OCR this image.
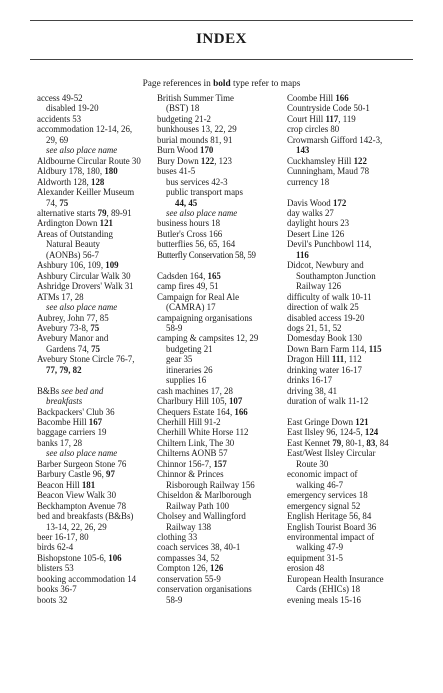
INDEX
Page references in bold type refer to maps
access 49-52
disabled 19-20
accidents 53
accommodation 12-14, 26,
29, 69
see also place name
Aldbourne Circular Route 30
Aldbury 178, 180, 180
Aldworth 128, 128
Alexander Keiller Museum
74, 75
alternative starts 79, 89-91
Ardington Down 121
Areas of Outstanding
Natural Beauty
(AONBs) 56-7
Ashbury 106, 109, 109
Ashbury Circular Walk 30
Ashridge Drovers' Walk 31
ATMs 17, 28
see also place name
Aubrey, John 77, 85
Avebury 73-8, 75
Avebury Manor and
Gardens 74, 75
Avebury Stone Circle 76-7,
77, 79, 82
B&Bs see bed and
breakfasts
Backpackers' Club 36
Bacombe Hill 167
baggage carriers 19
banks 17, 28
see also place name
Barber Surgeon Stone 76
Barbury Castle 96, 97
Beacon Hill 181
Beacon View Walk 30
Beckhampton Avenue 78
bed and breakfasts (B&Bs)
13-14, 22, 26, 29
beer 16-17, 80
birds 62-4
Bishopstone 105-6, 106
blisters 53
booking accommodation 14
books 36-7
boots 32
British Summer Time
(BST) 18
budgeting 21-2
bunkhouses 13, 22, 29
burial mounds 81, 91
Burn Wood 170
Bury Down 122, 123
buses 41-5
bus services 42-3
public transport maps
44, 45
see also place name
business hours 18
Butler's Cross 166
butterflies 56, 65, 164
Butterfly Conservation 58, 59
Cadsden 164, 165
camp fires 49, 51
Campaign for Real Ale
(CAMRA) 17
campaigning organisations
58-9
camping & campsites 12, 29
budgeting 21
gear 35
itineraries 26
supplies 16
cash machines 17, 28
Charlbury Hill 105, 107
Chequers Estate 164, 166
Cherhill Hill 91-2
Cherhill White Horse 112
Chiltern Link, The 30
Chilterns AONB 57
Chinnor 156-7, 157
Chinnor & Princes
Risborough Railway 156
Chiseldon & Marlborough
Railway Path 100
Cholsey and Wallingford
Railway 138
clothing 33
coach services 38, 40-1
compasses 34, 52
Compton 126, 126
conservation 55-9
conservation organisations
58-9
Coombe Hill 166
Countryside Code 50-1
Court Hill 117, 119
crop circles 80
Crowmarsh Gifford 142-3,
143
Cuckhamsley Hill 122
Cunningham, Maud 78
currency 18
Davis Wood 172
day walks 27
daylight hours 23
Desert Line 126
Devil's Punchbowl 114,
116
Didcot, Newbury and
Southampton Junction
Railway 126
difficulty of walk 10-11
direction of walk 25
disabled access 19-20
dogs 21, 51, 52
Domesday Book 130
Down Barn Farm 114, 115
Dragon Hill 111, 112
drinking water 16-17
drinks 16-17
driving 38, 41
duration of walk 11-12
East Gringe Down 121
East Ilsley 96, 124-5, 124
East Kennet 79, 80-1, 83, 84
East/West Ilsley Circular
Route 30
economic impact of
walking 46-7
emergency services 18
emergency signal 52
English Heritage 56, 84
English Tourist Board 36
environmental impact of
walking 47-9
equipment 31-5
erosion 48
European Health Insurance
Cards (EHICs) 18
evening meals 15-16
